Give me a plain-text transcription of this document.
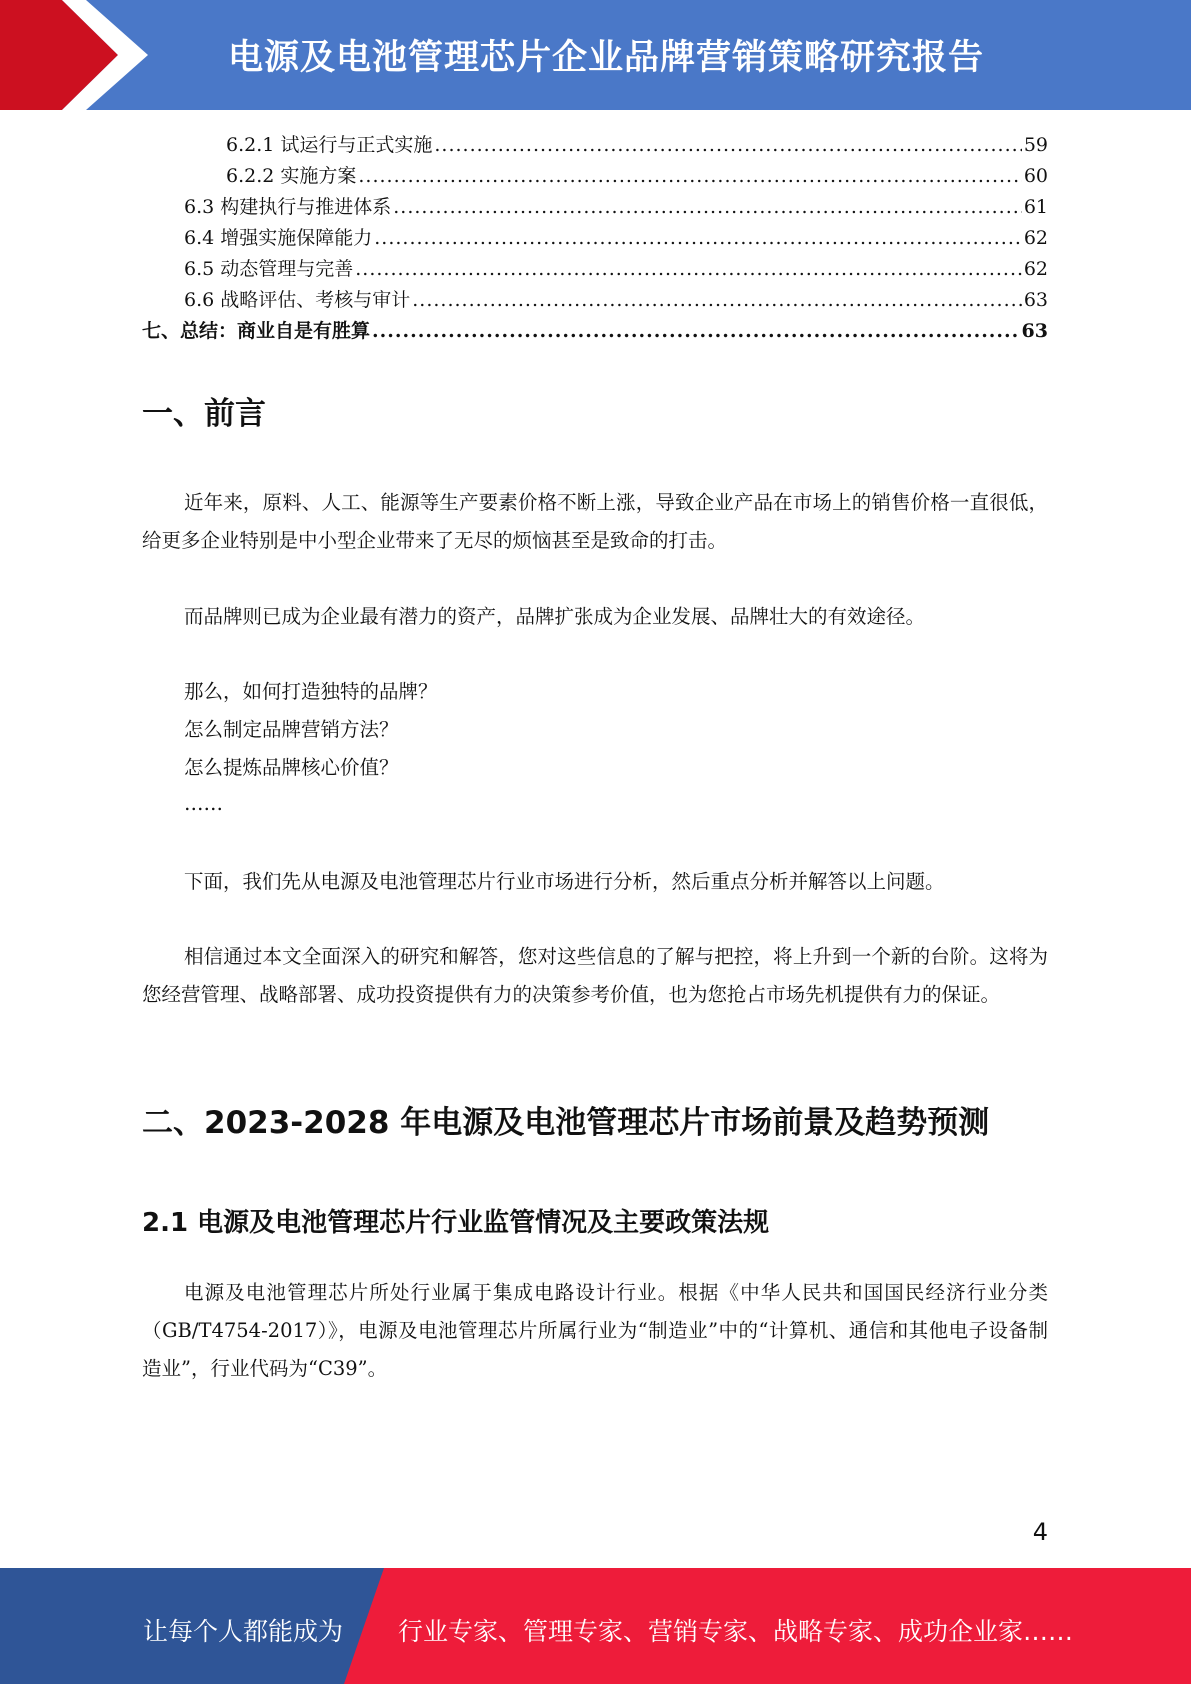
电源及电池管理芯片企业品牌营销策略研究报告
6.2.1 试运行与正式实施 .....	59
6.2.2 实施方案 .....	60
6.3 构建执行与推进体系 .....	61
6.4 增强实施保障能力 .....	62
6.5 动态管理与完善 .....	62
6.6 战略评估、考核与审计 .....	63
七、总结：商业自是有胜算 .....	63
一、前言

近年来，原料、人工、能源等生产要素价格不断上涨，导致企业产品在市场上的销售价格一直很低，给更多企业特别是中小型企业带来了无尽的烦恼甚至是致命的打击。

而品牌则已成为企业最有潜力的资产，品牌扩张成为企业发展、品牌壮大的有效途径。

那么，如何打造独特的品牌？
怎么制定品牌营销方法？
怎么提炼品牌核心价值？
……

下面，我们先从电源及电池管理芯片行业市场进行分析，然后重点分析并解答以上问题。

相信通过本文全面深入的研究和解答，您对这些信息的了解与把控，将上升到一个新的台阶。这将为您经营管理、战略部署、成功投资提供有力的决策参考价值，也为您抢占市场先机提供有力的保证。

二、2023-2028 年电源及电池管理芯片市场前景及趋势预测
2.1 电源及电池管理芯片行业监管情况及主要政策法规

电源及电池管理芯片所处行业属于集成电路设计行业。根据《中华人民共和国国民经济行业分类（GB/T4754-2017）》，电源及电池管理芯片所属行业为“制造业”中的“计算机、通信和其他电子设备制造业”，行业代码为“C39”。

4
让每个人都能成为 行业专家、管理专家、营销专家、战略专家、成功企业家……
